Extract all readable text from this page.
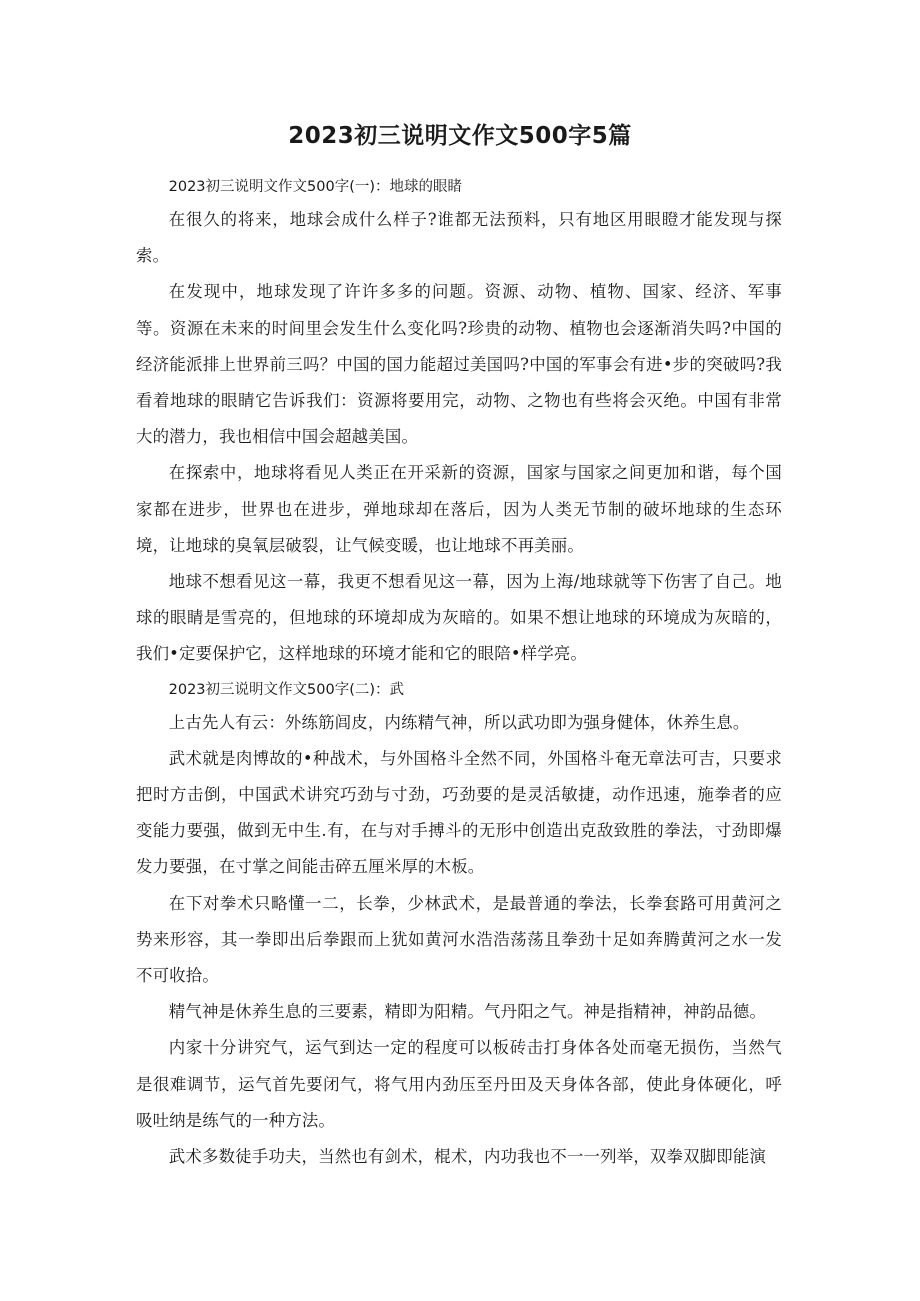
2023初三说明文作文500字5篇
2023初三说明文作文500字(一)：地球的眼睹

在很久的将来，地球会成什么样子?谁都无法预料，只有地区用眼瞪才能发现与探索。

在发现中，地球发现了许许多多的问题。资源、动物、植物、国家、经济、军事等。资源在未来的时间里会发生什么变化吗?珍贵的动物、植物也会逐渐消失吗?中国的经济能派排上世界前三吗？中国的国力能超过美国吗?中国的军事会有进•步的突破吗?我看着地球的眼睛它告诉我们：资源将要用完，动物、之物也有些将会灭绝。中国有非常大的潜力，我也相信中国会超越美国。

在探索中，地球将看见人类正在开采新的资源，国家与国家之间更加和谐，每个国家都在进步，世界也在进步，弹地球却在落后，因为人类无节制的破坏地球的生态环境，让地球的臭氧层破裂，让气候变暖，也让地球不再美丽。

地球不想看见这一幕，我更不想看见这一幕，因为上海/地球就等下伤害了自己。地球的眼睛是雪亮的，但地球的环境却成为灰暗的。如果不想让地球的环境成为灰暗的，我们•定要保护它，这样地球的环境才能和它的眼陪•样学亮。

2023初三说明文作文500字(二)：武

上古先人有云：外练筋闾皮，内练精气神，所以武功即为强身健体，休养生息。

武术就是肉博故的•种战术，与外国格斗全然不同，外国格斗奄无章法可吉，只要求把时方击倒，中国武术讲究巧劲与寸劲，巧劲要的是灵活敏捷，动作迅速，施拳者的应变能力要强，做到无中生.有，在与对手搏斗的无形中创造出克敌致胜的拳法，寸劲即爆发力要强，在寸掌之间能击碎五厘米厚的木板。

在下对拳术只略懂一二，长拳，少林武术，是最普通的拳法，长拳套路可用黄河之势来形容，其一拳即出后拳跟而上犹如黄河水浩浩荡荡且拳劲十足如奔腾黄河之水一发不可收拾。

精气神是休养生息的三要素，精即为阳精。气丹阳之气。神是指精神，神韵品德。

内家十分讲究气，运气到达一定的程度可以板砖击打身体各处而毫无损伤，当然气是很难调节，运气首先要闭气，将气用内劲压至丹田及天身体各部，使此身体硬化，呼吸吐纳是练气的一种方法。

武术多数徒手功夫，当然也有剑术，棍术，内功我也不一一列举，双拳双脚即能演
